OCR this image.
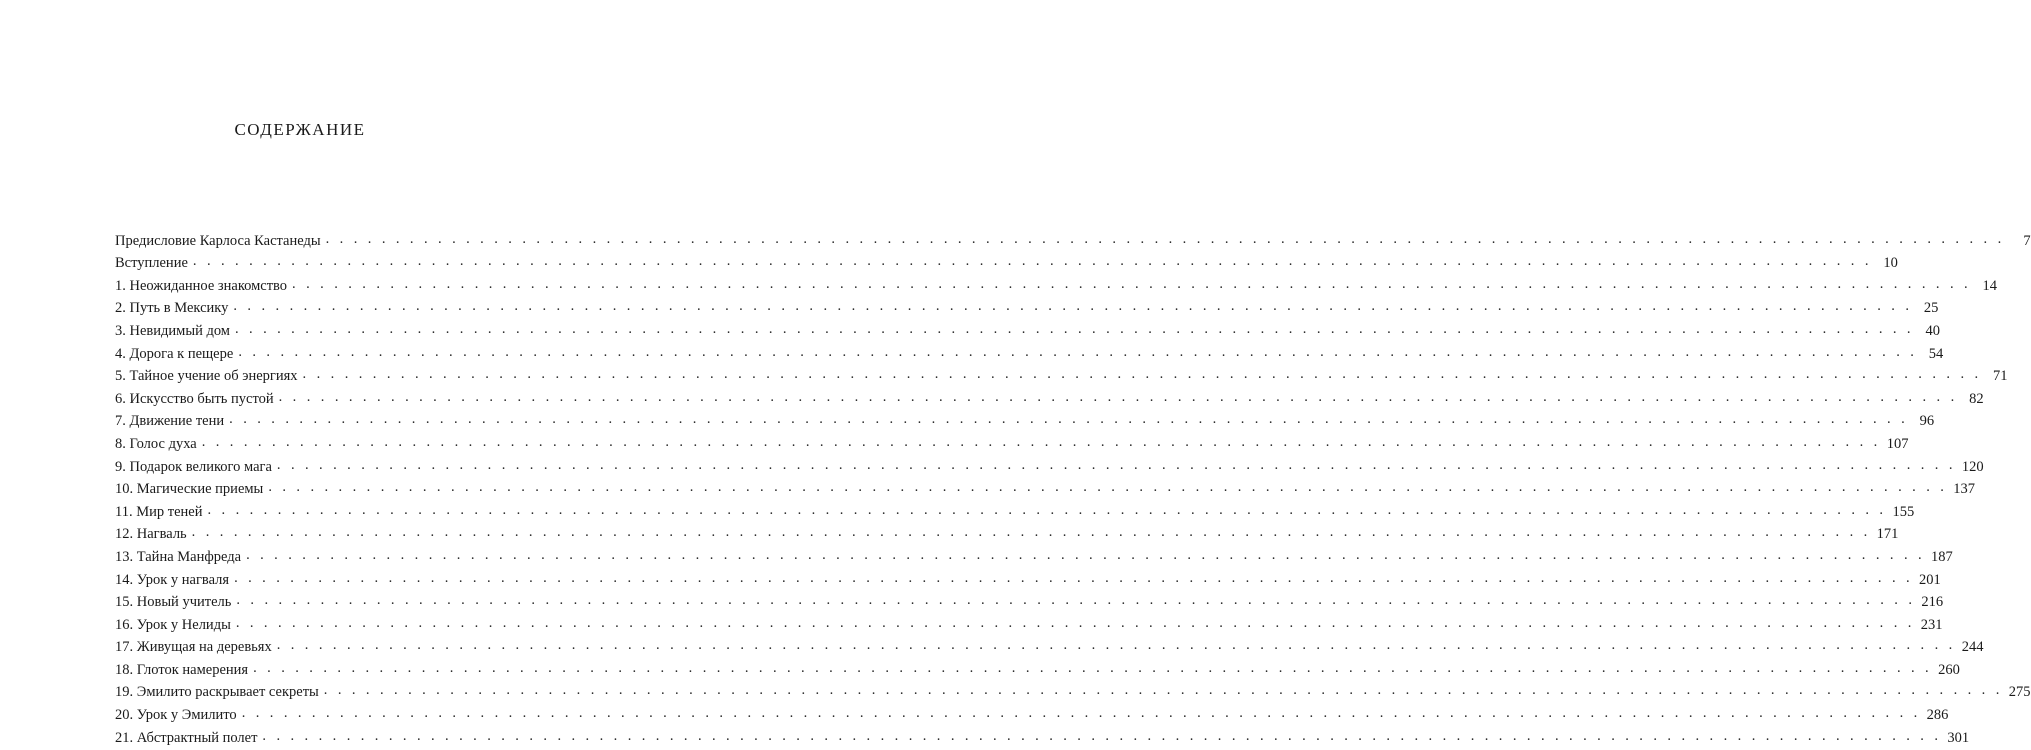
СОДЕРЖАНИЕ
Предисловие Карлоса Кастанеды . . . . . . . . . . . . . . . . . . . . . . . . . . . . . . . . . . . . . . . . . . . . . . . . . . . . . . . . . . . . . . . . . . . . . . . . . . . . . . . . . . . . . . . . . . . . . . . . . . . . . . . . . . . . . . . . . . . . . . . .	7
Вступление . . . . . . . . . . . . . . . . . . . . . . . . . . . . . . . . . . . . . . . . . . . . . . . . . . . . . . . . . . . . . . . . . . . . . . . . . . . . . . . . . . . . . . . . . . . . . . . . . . . . . . . . . . . . . . . . . . . . . . . . 10
1. Неожиданное знакомство . . . . . . . . . . . . . . . . . . . . . . . . . . . . . . . . . . . . . . . . . . . . . . . . . . . . . . . . . . . . . . . . . . . . . . . . . . . . . . . . . . . . . . . . . . . . . . . . . . . . . . . . . . . . . . . . . . . . . . . . 14
2. Путь в Мексику . . . . . . . . . . . . . . . . . . . . . . . . . . . . . . . . . . . . . . . . . . . . . . . . . . . . . . . . . . . . . . . . . . . . . . . . . . . . . . . . . . . . . . . . . . . . . . . . . . . . . . . . . . . . . . . . . . . . . . . . 25
3. Невидимый дом . . . . . . . . . . . . . . . . . . . . . . . . . . . . . . . . . . . . . . . . . . . . . . . . . . . . . . . . . . . . . . . . . . . . . . . . . . . . . . . . . . . . . . . . . . . . . . . . . . . . . . . . . . . . . . . . . . . . . . . . 40
4. Дорога к пещере . . . . . . . . . . . . . . . . . . . . . . . . . . . . . . . . . . . . . . . . . . . . . . . . . . . . . . . . . . . . . . . . . . . . . . . . . . . . . . . . . . . . . . . . . . . . . . . . . . . . . . . . . . . . . . . . . . . . . . . . 54
5. Тайное учение об энергиях . . . . . . . . . . . . . . . . . . . . . . . . . . . . . . . . . . . . . . . . . . . . . . . . . . . . . . . . . . . . . . . . . . . . . . . . . . . . . . . . . . . . . . . . . . . . . . . . . . . . . . . . . . . . . . . . . . . . . . . . 71
6. Искусство быть пустой . . . . . . . . . . . . . . . . . . . . . . . . . . . . . . . . . . . . . . . . . . . . . . . . . . . . . . . . . . . . . . . . . . . . . . . . . . . . . . . . . . . . . . . . . . . . . . . . . . . . . . . . . . . . . . . . . . . . . . . . 82
7. Движение тени . . . . . . . . . . . . . . . . . . . . . . . . . . . . . . . . . . . . . . . . . . . . . . . . . . . . . . . . . . . . . . . . . . . . . . . . . . . . . . . . . . . . . . . . . . . . . . . . . . . . . . . . . . . . . . . . . . . . . . . . 96
8. Голос духа . . . . . . . . . . . . . . . . . . . . . . . . . . . . . . . . . . . . . . . . . . . . . . . . . . . . . . . . . . . . . . . . . . . . . . . . . . . . . . . . . . . . . . . . . . . . . . . . . . . . . . . . . . . . . . . . . . . . . . . . 107
9. Подарок великого мага . . . . . . . . . . . . . . . . . . . . . . . . . . . . . . . . . . . . . . . . . . . . . . . . . . . . . . . . . . . . . . . . . . . . . . . . . . . . . . . . . . . . . . . . . . . . . . . . . . . . . . . . . . . . . . . . . . . . . . . . 120
10. Магические приемы . . . . . . . . . . . . . . . . . . . . . . . . . . . . . . . . . . . . . . . . . . . . . . . . . . . . . . . . . . . . . . . . . . . . . . . . . . . . . . . . . . . . . . . . . . . . . . . . . . . . . . . . . . . . . . . . . . . . . . . . 137
11. Мир теней . . . . . . . . . . . . . . . . . . . . . . . . . . . . . . . . . . . . . . . . . . . . . . . . . . . . . . . . . . . . . . . . . . . . . . . . . . . . . . . . . . . . . . . . . . . . . . . . . . . . . . . . . . . . . . . . . . . . . . . . 155
12. Нагваль . . . . . . . . . . . . . . . . . . . . . . . . . . . . . . . . . . . . . . . . . . . . . . . . . . . . . . . . . . . . . . . . . . . . . . . . . . . . . . . . . . . . . . . . . . . . . . . . . . . . . . . . . . . . . . . . . . . . . . . . 171
13. Тайна Манфреда . . . . . . . . . . . . . . . . . . . . . . . . . . . . . . . . . . . . . . . . . . . . . . . . . . . . . . . . . . . . . . . . . . . . . . . . . . . . . . . . . . . . . . . . . . . . . . . . . . . . . . . . . . . . . . . . . . . . . . . . 187
14. Урок у нагваля . . . . . . . . . . . . . . . . . . . . . . . . . . . . . . . . . . . . . . . . . . . . . . . . . . . . . . . . . . . . . . . . . . . . . . . . . . . . . . . . . . . . . . . . . . . . . . . . . . . . . . . . . . . . . . . . . . . . . . . . 201
15. Новый учитель . . . . . . . . . . . . . . . . . . . . . . . . . . . . . . . . . . . . . . . . . . . . . . . . . . . . . . . . . . . . . . . . . . . . . . . . . . . . . . . . . . . . . . . . . . . . . . . . . . . . . . . . . . . . . . . . . . . . . . . . 216
16. Урок у Нелиды . . . . . . . . . . . . . . . . . . . . . . . . . . . . . . . . . . . . . . . . . . . . . . . . . . . . . . . . . . . . . . . . . . . . . . . . . . . . . . . . . . . . . . . . . . . . . . . . . . . . . . . . . . . . . . . . . . . . . . . . 231
17. Живущая на деревьях . . . . . . . . . . . . . . . . . . . . . . . . . . . . . . . . . . . . . . . . . . . . . . . . . . . . . . . . . . . . . . . . . . . . . . . . . . . . . . . . . . . . . . . . . . . . . . . . . . . . . . . . . . . . . . . . . . . . . . . . 244
18. Глоток намерения . . . . . . . . . . . . . . . . . . . . . . . . . . . . . . . . . . . . . . . . . . . . . . . . . . . . . . . . . . . . . . . . . . . . . . . . . . . . . . . . . . . . . . . . . . . . . . . . . . . . . . . . . . . . . . . . . . . . . . . . 260
19. Эмилито раскрывает секреты . . . . . . . . . . . . . . . . . . . . . . . . . . . . . . . . . . . . . . . . . . . . . . . . . . . . . . . . . . . . . . . . . . . . . . . . . . . . . . . . . . . . . . . . . . . . . . . . . . . . . . . . . . . . . . . . . . . . . . . . 275
20. Урок у Эмилито . . . . . . . . . . . . . . . . . . . . . . . . . . . . . . . . . . . . . . . . . . . . . . . . . . . . . . . . . . . . . . . . . . . . . . . . . . . . . . . . . . . . . . . . . . . . . . . . . . . . . . . . . . . . . . . . . . . . . . . . 286
21. Абстрактный полет . . . . . . . . . . . . . . . . . . . . . . . . . . . . . . . . . . . . . . . . . . . . . . . . . . . . . . . . . . . . . . . . . . . . . . . . . . . . . . . . . . . . . . . . . . . . . . . . . . . . . . . . . . . . . . . . . . . . . . . . 301
